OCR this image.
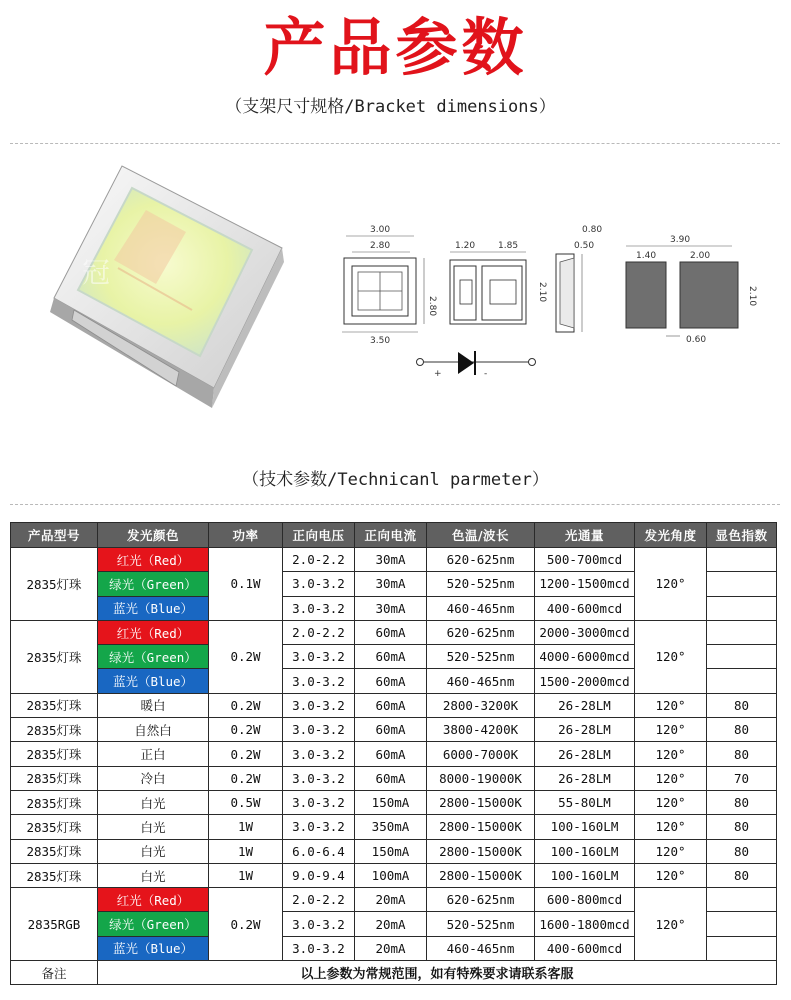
产品参数
（支架尺寸规格/Bracket dimensions）
冠
3.00
2.80
2.80
3.50
1.20	1.85
2.10
0.80
0.50
3.90
1.40	2.00
2.10
0.60
+	-
（技术参数/Technicanl parmeter）
产品型号	发光颜色	功率	正向电压	正向电流	色温/波长	光通量	发光角度	显色指数
2835灯珠	红光（Red）	0.1W	2.0-2.2	30mA	620-625nm	500-700mcd	120°	
	绿光（Green）		3.0-3.2	30mA	520-525nm	1200-1500mcd		
	蓝光（Blue）		3.0-3.2	30mA	460-465nm	400-600mcd		
2835灯珠	红光（Red）	0.2W	2.0-2.2	60mA	620-625nm	2000-3000mcd	120°	
	绿光（Green）		3.0-3.2	60mA	520-525nm	4000-6000mcd		
	蓝光（Blue）		3.0-3.2	60mA	460-465nm	1500-2000mcd		
2835灯珠	暖白	0.2W	3.0-3.2	60mA	2800-3200K	26-28LM	120°	80
2835灯珠	自然白	0.2W	3.0-3.2	60mA	3800-4200K	26-28LM	120°	80
2835灯珠	正白	0.2W	3.0-3.2	60mA	6000-7000K	26-28LM	120°	80
2835灯珠	冷白	0.2W	3.0-3.2	60mA	8000-19000K	26-28LM	120°	70
2835灯珠	白光	0.5W	3.0-3.2	150mA	2800-15000K	55-80LM	120°	80
2835灯珠	白光	1W	3.0-3.2	350mA	2800-15000K	100-160LM	120°	80
2835灯珠	白光	1W	6.0-6.4	150mA	2800-15000K	100-160LM	120°	80
2835灯珠	白光	1W	9.0-9.4	100mA	2800-15000K	100-160LM	120°	80
2835RGB	红光（Red）	0.2W	2.0-2.2	20mA	620-625nm	600-800mcd	120°	
	绿光（Green）		3.0-3.2	20mA	520-525nm	1600-1800mcd		
	蓝光（Blue）		3.0-3.2	20mA	460-465nm	400-600mcd		
备注	以上参数为常规范围，如有特殊要求请联系客服							
